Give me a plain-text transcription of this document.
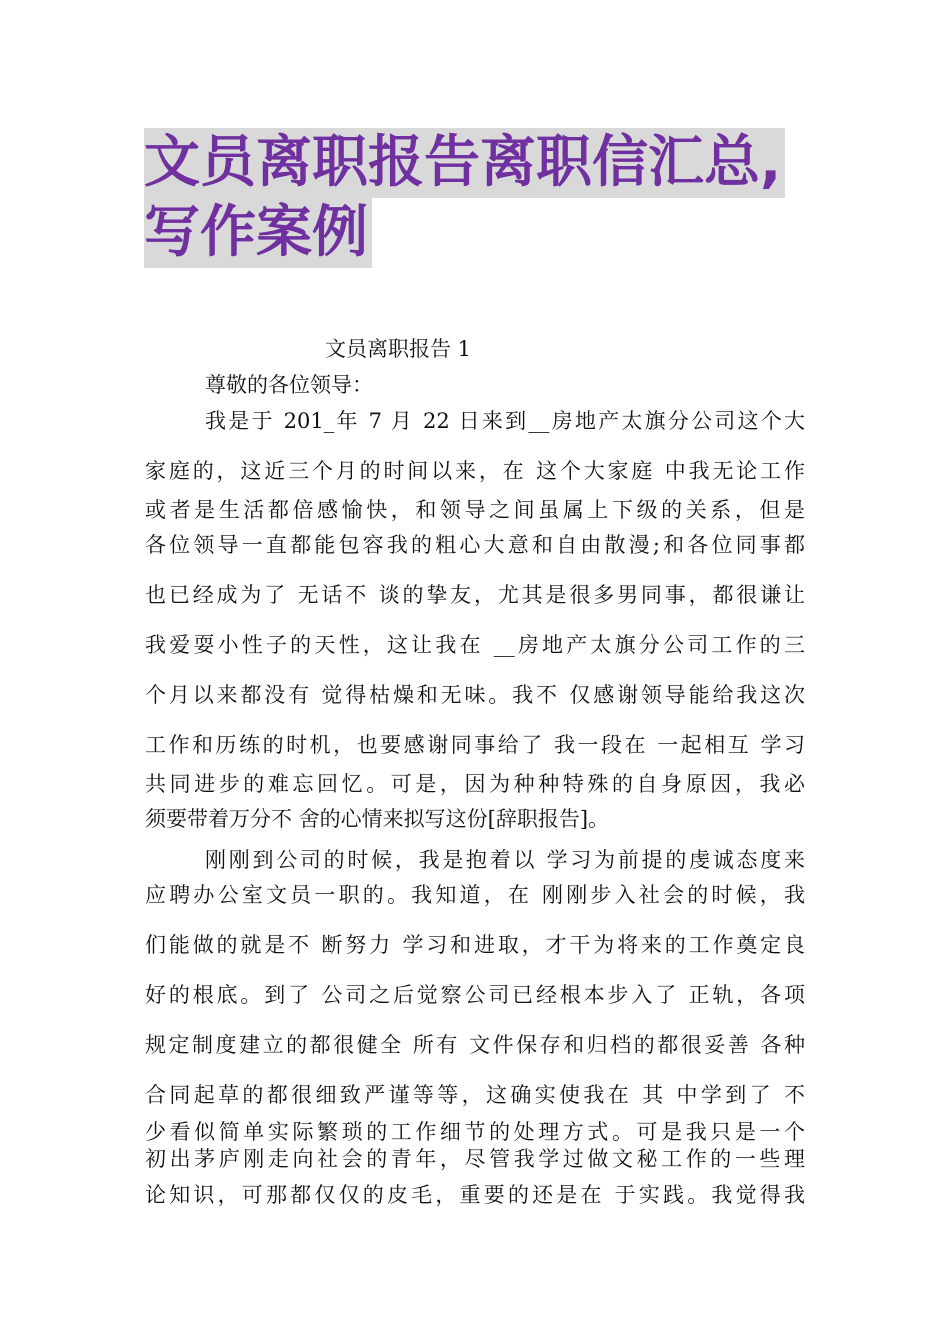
文员离职报告离职信汇总,
写作案例
文员离职报告 1
尊敬的各位领导：
我是于 201_年 7 月 22 日来到__房地产太旗分公司这个大
家庭的，这近三个月的时间以来，在 这个大家庭 中我无论工作
或者是生活都倍感愉快，和领导之间虽属上下级的关系，但是
各位领导一直都能包容我的粗心大意和自由散漫;和各位同事都
也已经成为了 无话不 谈的挚友，尤其是很多男同事，都很谦让
我爱耍小性子的天性，这让我在 __房地产太旗分公司工作的三
个月以来都没有 觉得枯燥和无味。我不 仅感谢领导能给我这次
工作和历练的时机，也要感谢同事给了 我一段在 一起相互 学习
共同进步的难忘回忆。可是，因为种种特殊的自身原因，我必
须要带着万分不 舍的心情来拟写这份[辞职报告]。
刚刚到公司的时候，我是抱着以 学习为前提的虔诚态度来
应聘办公室文员一职的。我知道，在 刚刚步入社会的时候，我
们能做的就是不 断努力 学习和进取，才干为将来的工作奠定良
好的根底。到了 公司之后觉察公司已经根本步入了 正轨，各项
规定制度建立的都很健全 所有 文件保存和归档的都很妥善 各种
合同起草的都很细致严谨等等，这确实使我在 其 中学到了 不
少看似简单实际繁琐的工作细节的处理方式。可是我只是一个
初出茅庐刚走向社会的青年，尽管我学过做文秘工作的一些理
论知识，可那都仅仅的皮毛，重要的还是在 于实践。我觉得我
